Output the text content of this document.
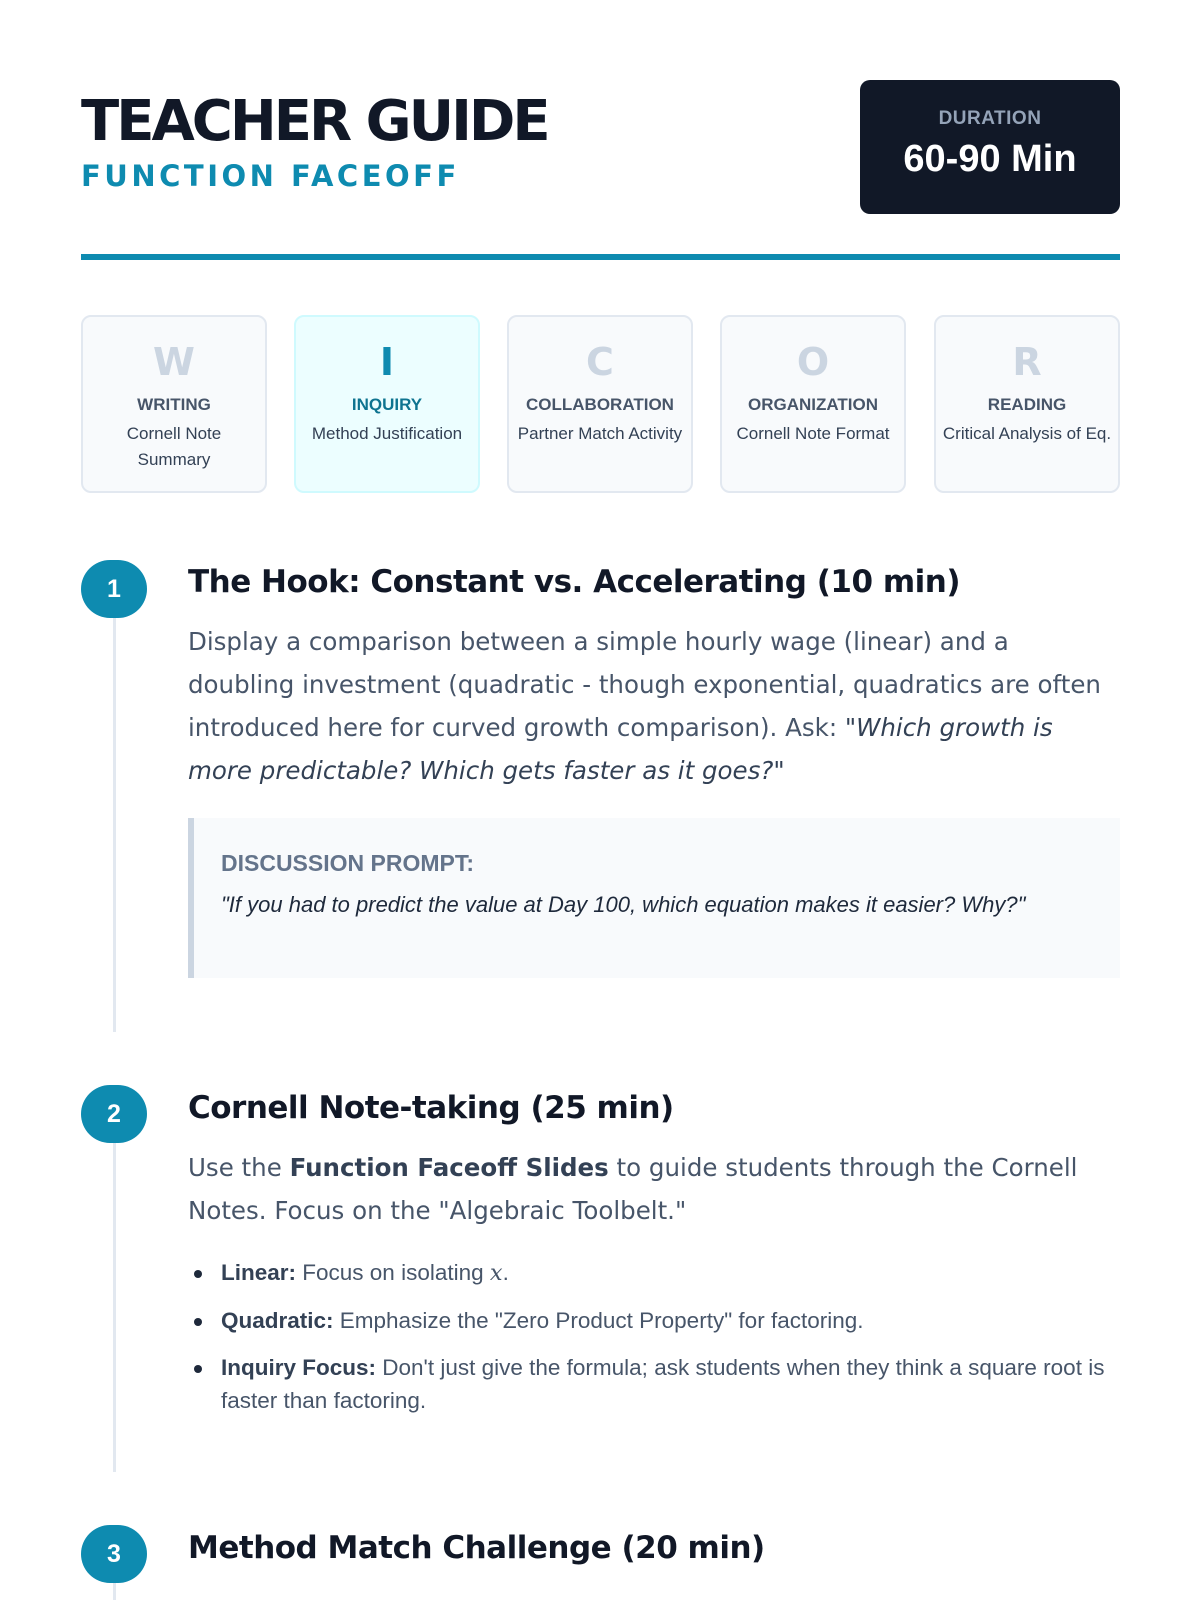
TEACHER GUIDE
FUNCTION FACEOFF
DURATION
60-90 Min
W
WRITING
Cornell Note Summary
I
INQUIRY
Method Justification
C
COLLABORATION
Partner Match Activity
O
ORGANIZATION
Cornell Note Format
R
READING
Critical Analysis of Eq.
1	The Hook: Constant vs. Accelerating (10 min)
Display a comparison between a simple hourly wage (linear) and a doubling investment (quadratic - though exponential, quadratics are often introduced here for curved growth comparison). Ask: "Which growth is more predictable? Which gets faster as it goes?"
DISCUSSION PROMPT:
"If you had to predict the value at Day 100, which equation makes it easier? Why?"
2	Cornell Note-taking (25 min)
Use the Function Faceoff Slides to guide students through the Cornell Notes. Focus on the "Algebraic Toolbelt."
Linear: Focus on isolating x.
Quadratic: Emphasize the "Zero Product Property" for factoring.
Inquiry Focus: Don't just give the formula; ask students when they think a square root is faster than factoring.
3	Method Match Challenge (20 min)
